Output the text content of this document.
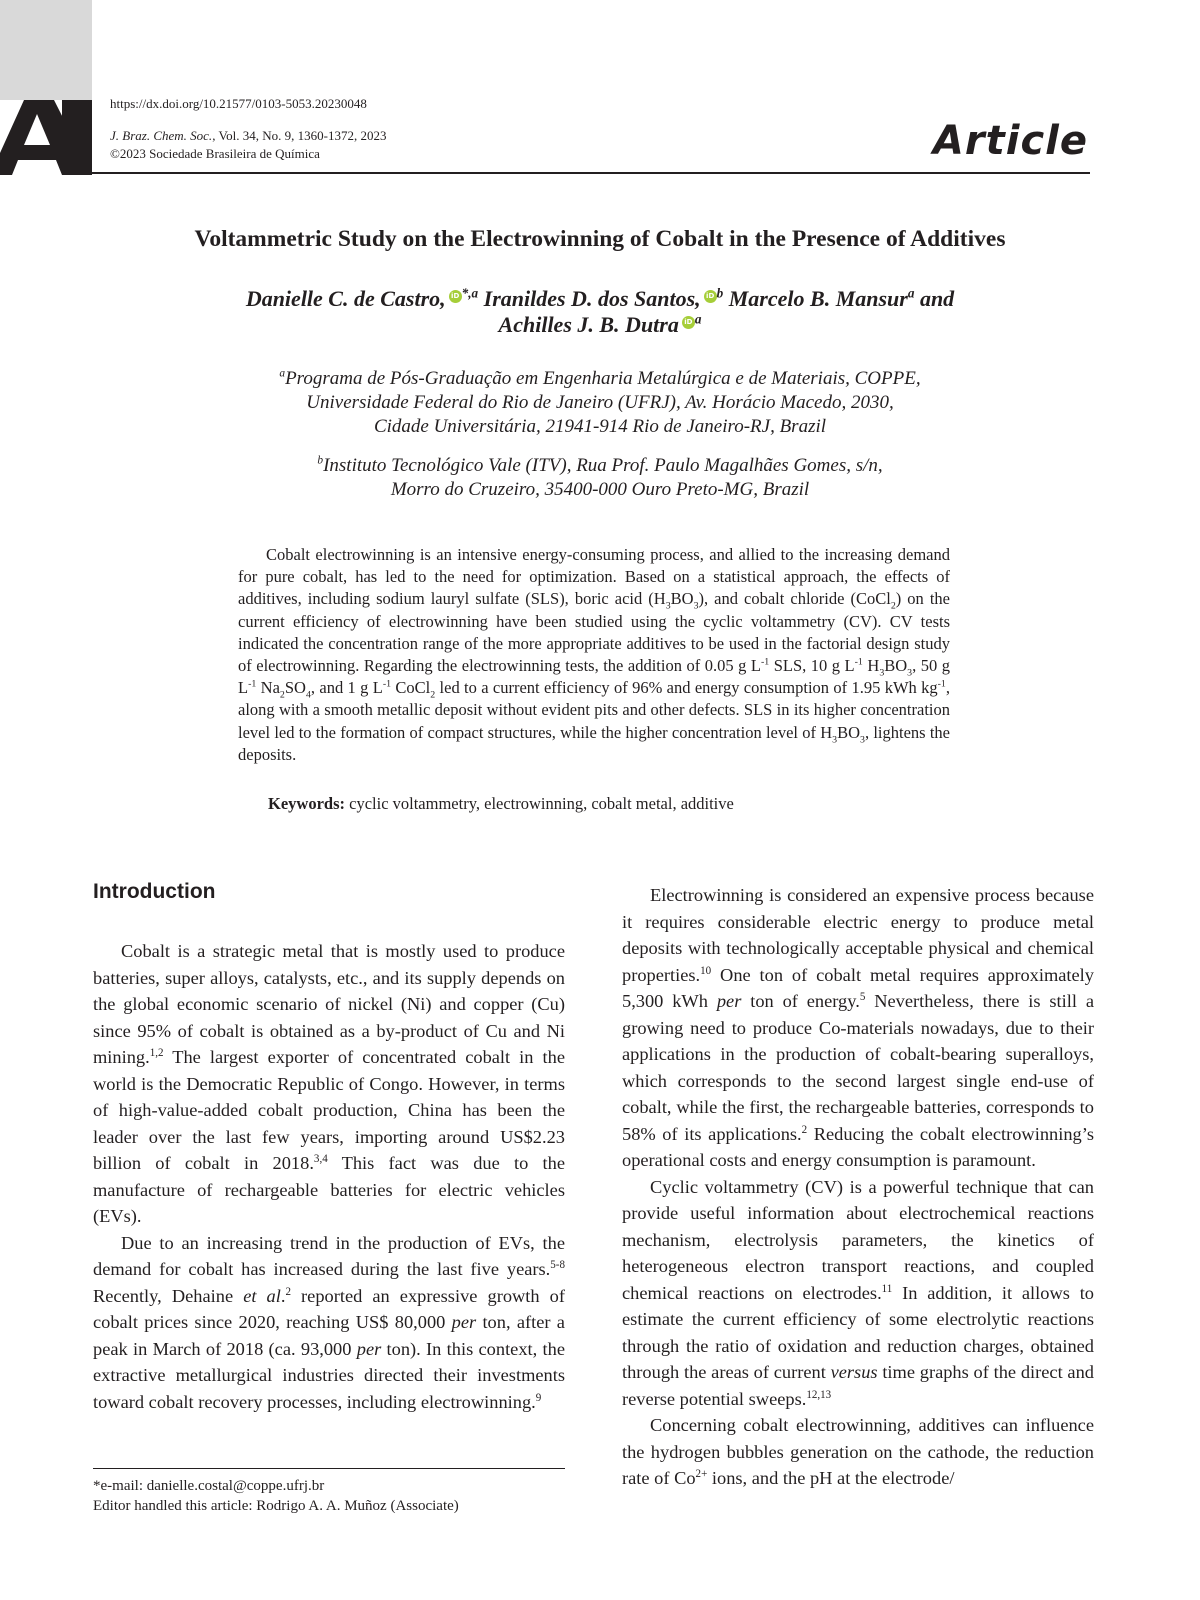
https://dx.doi.org/10.21577/0103-5053.20230048
J. Braz. Chem. Soc., Vol. 34, No. 9, 1360-1372, 2023
©2023 Sociedade Brasileira de Química	Article
Voltammetric Study on the Electrowinning of Cobalt in the Presence of Additives
Danielle C. de Castro, iD $^{*,a}$ Iranildes D. dos Santos, iD $^b$ Marcelo B. Mansur$^a$ and
Achilles J. B. Dutra iD $^a$
$^a$Programa de Pós-Graduação em Engenharia Metalúrgica e de Materiais, COPPE,
Universidade Federal do Rio de Janeiro (UFRJ), Av. Horácio Macedo, 2030,
Cidade Universitária, 21941-914 Rio de Janeiro-RJ, Brazil
$^b$Instituto Tecnológico Vale (ITV), Rua Prof. Paulo Magalhães Gomes, s/n,
Morro do Cruzeiro, 35400-000 Ouro Preto-MG, Brazil
Cobalt electrowinning is an intensive energy-consuming process, and allied to the increasing demand for pure cobalt, has led to the need for optimization. Based on a statistical approach, the effects of additives, including sodium lauryl sulfate (SLS), boric acid $(H_3BO_3)$, and cobalt chloride (CoCl$_2$) on the current efficiency of electrowinning have been studied using the cyclic voltammetry (CV). CV tests indicated the concentration range of the more appropriate additives to be used in the factorial design study of electrowinning. Regarding the electrowinning tests, the addition of 0.05 g $L^{-1}$ SLS, 10 g $L^{-1}$ $H_3BO_3$, 50 g $L^{-1}$ $Na_2SO_4$, and 1 g $L^{-1}$ CoCl$_2$ led to a current efficiency of 96% and energy consumption of 1.95 kWh $kg^{-1}$, along with a smooth metallic deposit without evident pits and other defects. SLS in its higher concentration level led to the formation of compact structures, while the higher concentration level of $H_3BO_3$, lightens the deposits.
Keywords: cyclic voltammetry, electrowinning, cobalt metal, additive
Introduction

Cobalt is a strategic metal that is mostly used to produce batteries, super alloys, catalysts, etc., and its supply depends on the global economic scenario of nickel (Ni) and copper (Cu) since 95% of cobalt is obtained as a by-product of Cu and Ni mining.$^{1,2}$ The largest exporter of concentrated cobalt in the world is the Democratic Republic of Congo. However, in terms of high-value-added cobalt production, China has been the leader over the last few years, importing around US$2.23 billion of cobalt in 2018.$^{3,4}$ This fact was due to the manufacture of rechargeable batteries for electric vehicles (EVs).

Due to an increasing trend in the production of EVs, the demand for cobalt has increased during the last five years.$^{5-8}$ Recently, Dehaine et al.$^2$ reported an expressive growth of cobalt prices since 2020, reaching US$ 80,000 per ton, after a peak in March of 2018 (ca. 93,000 per ton). In this context, the extractive metallurgical industries directed their investments toward cobalt recovery processes, including electrowinning.$^9$

Electrowinning is considered an expensive process because it requires considerable electric energy to produce metal deposits with technologically acceptable physical and chemical properties.$^{10}$ One ton of cobalt metal requires approximately 5,300 kWh per ton of energy.$^5$ Nevertheless, there is still a growing need to produce Co-materials nowadays, due to their applications in the production of cobalt-bearing superalloys, which corresponds to the second largest single end-use of cobalt, while the first, the rechargeable batteries, corresponds to 58% of its applications.$^2$ Reducing the cobalt electrowinning’s operational costs and energy consumption is paramount.

Cyclic voltammetry (CV) is a powerful technique that can provide useful information about electrochemical reactions mechanism, electrolysis parameters, the kinetics of heterogeneous electron transport reactions, and coupled chemical reactions on electrodes.$^{11}$ In addition, it allows to estimate the current efficiency of some electrolytic reactions through the ratio of oxidation and reduction charges, obtained through the areas of current versus time graphs of the direct and reverse potential sweeps.$^{12,13}$

Concerning cobalt electrowinning, additives can influence the hydrogen bubbles generation on the cathode, the reduction rate of $Co^{2+}$ ions, and the pH at the electrode/

*e-mail: danielle.costal@coppe.ufrj.br
Editor handled this article: Rodrigo A. A. Muñoz (Associate)
